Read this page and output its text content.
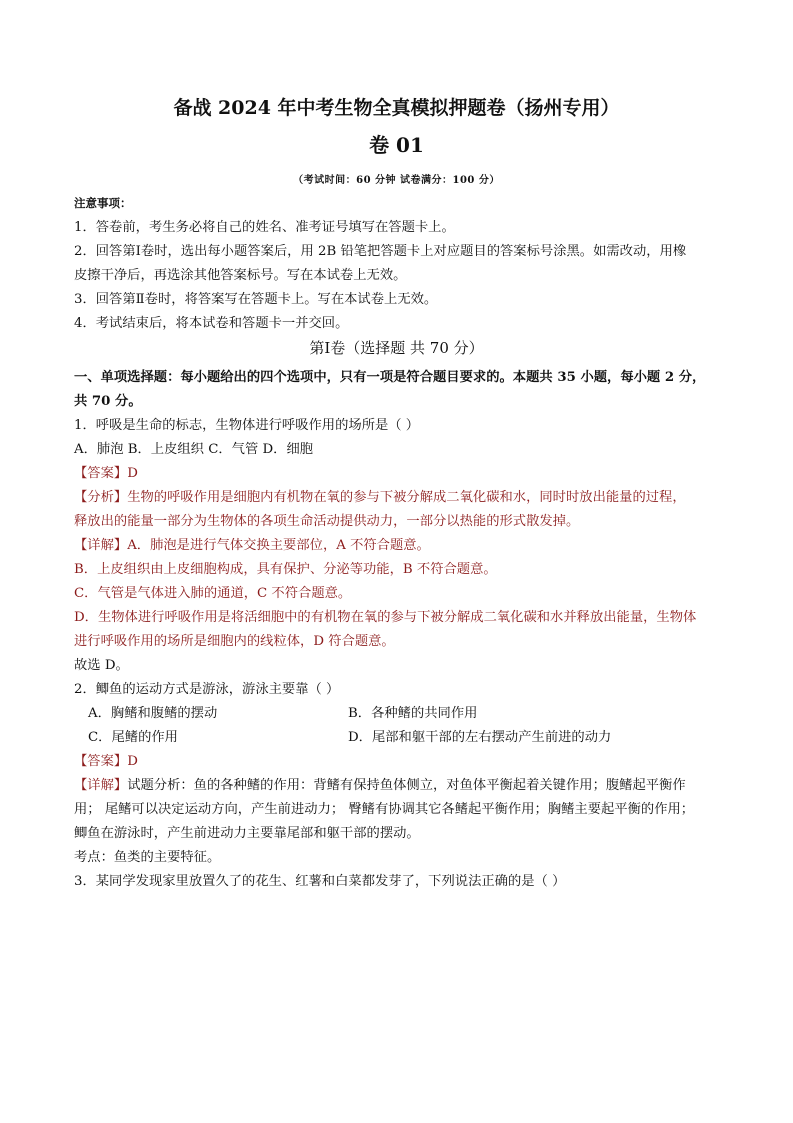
备战 2024 年中考生物全真模拟押题卷（扬州专用）
卷 01
（考试时间：60 分钟 试卷满分：100 分）
注意事项：
1．答卷前，考生务必将自己的姓名、准考证号填写在答题卡上。
2．回答第Ⅰ卷时，选出每小题答案后，用 2B 铅笔把答题卡上对应题目的答案标号涂黑。如需改动，用橡
皮擦干净后，再选涂其他答案标号。写在本试卷上无效。
3．回答第Ⅱ卷时，将答案写在答题卡上。写在本试卷上无效。
4．考试结束后，将本试卷和答题卡一并交回。
第Ⅰ卷（选择题 共 70 分）
一、单项选择题：每小题给出的四个选项中，只有一项是符合题目要求的。本题共 35 小题，每小题 2 分，
共 70 分。
1．呼吸是生命的标志，生物体进行呼吸作用的场所是（ ）
A．肺泡 B．上皮组织 C．气管 D．细胞
【答案】D
【分析】生物的呼吸作用是细胞内有机物在氧的参与下被分解成二氧化碳和水，同时时放出能量的过程，
释放出的能量一部分为生物体的各项生命活动提供动力，一部分以热能的形式散发掉。
【详解】A．肺泡是进行气体交换主要部位，A 不符合题意。
B．上皮组织由上皮细胞构成，具有保护、分泌等功能，B 不符合题意。
C．气管是气体进入肺的通道，C 不符合题意。
D．生物体进行呼吸作用是将活细胞中的有机物在氧的参与下被分解成二氧化碳和水并释放出能量，生物体
进行呼吸作用的场所是细胞内的线粒体，D 符合题意。
故选 D。
2．鲫鱼的运动方式是游泳，游泳主要靠（ ）
A．胸鳍和腹鳍的摆动	B．各种鳍的共同作用
C．尾鳍的作用	D．尾部和躯干部的左右摆动产生前进的动力
【答案】D
【详解】试题分析：鱼的各种鳍的作用：背鳍有保持鱼体侧立，对鱼体平衡起着关键作用；腹鳍起平衡作
用； 尾鳍可以决定运动方向，产生前进动力； 臀鳍有协调其它各鳍起平衡作用；胸鳍主要起平衡的作用；
鲫鱼在游泳时，产生前进动力主要靠尾部和躯干部的摆动。
考点：鱼类的主要特征。
3．某同学发现家里放置久了的花生、红薯和白菜都发芽了，下列说法正确的是（ ）
